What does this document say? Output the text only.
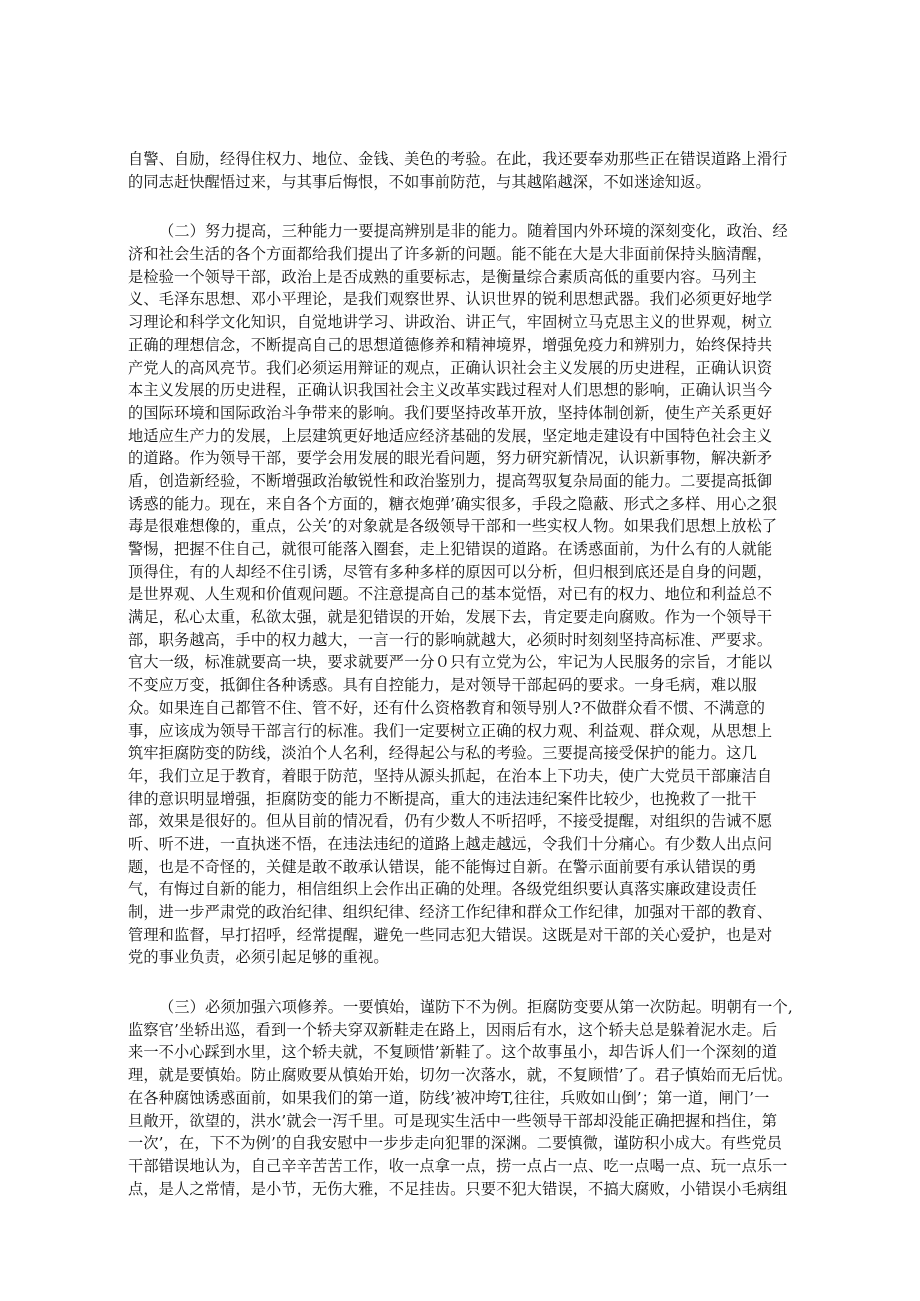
自警、自励，经得住权力、地位、金钱、美色的考验。在此，我还要奉劝那些正在错误道路上滑行
的同志赶快醒悟过来，与其事后悔恨，不如事前防范，与其越陷越深，不如迷途知返。
（二）努力提高，三种能力一要提高辨别是非的能力。随着国内外环境的深刻变化，政治、经
济和社会生活的各个方面都给我们提出了许多新的问题。能不能在大是大非面前保持头脑清醒，
是检验一个领导干部，政治上是否成熟的重要标志，是衡量综合素质高低的重要内容。马列主
义、毛泽东思想、邓小平理论，是我们观察世界、认识世界的锐利思想武器。我们必须更好地学
习理论和科学文化知识，自觉地讲学习、讲政治、讲正气，牢固树立马克思主义的世界观，树立
正确的理想信念，不断提高自己的思想道德修养和精神境界，增强免疫力和辨别力，始终保持共
产党人的高风亮节。我们必须运用辩证的观点，正确认识社会主义发展的历史进程，正确认识资
本主义发展的历史进程，正确认识我国社会主义改革实践过程对人们思想的影响，正确认识当今
的国际环境和国际政治斗争带来的影响。我们要坚持改革开放，坚持体制创新，使生产关系更好
地适应生产力的发展，上层建筑更好地适应经济基础的发展，坚定地走建设有中国特色社会主义
的道路。作为领导干部，要学会用发展的眼光看问题，努力研究新情况，认识新事物，解决新矛
盾，创造新经验，不断增强政治敏锐性和政治鉴别力，提高驾驭复杂局面的能力。二要提高抵御
诱惑的能力。现在，来自各个方面的，糖衣炮弹’确实很多，手段之隐蔽、形式之多样、用心之狠
毒是很难想像的，重点，公关’的对象就是各级领导干部和一些实权人物。如果我们思想上放松了
警惕，把握不住自己，就很可能落入圈套，走上犯错误的道路。在诱惑面前，为什么有的人就能
顶得住，有的人却经不住引诱，尽管有多种多样的原因可以分析，但归根到底还是自身的问题，
是世界观、人生观和价值观问题。不注意提高自己的基本觉悟，对已有的权力、地位和利益总不
满足，私心太重，私欲太强，就是犯错误的开始，发展下去，肯定要走向腐败。作为一个领导干
部，职务越高，手中的权力越大，一言一行的影响就越大，必须时时刻刻坚持高标准、严要求。
官大一级，标准就要高一块，要求就要严一分０只有立党为公，牢记为人民服务的宗旨，才能以
不变应万变，抵御住各种诱惑。具有自控能力，是对领导干部起码的要求。一身毛病，难以服
众。如果连自己都管不住、管不好，还有什么资格教育和领导别人?不做群众看不惯、不满意的
事，应该成为领导干部言行的标准。我们一定要树立正确的权力观、利益观、群众观，从思想上
筑牢拒腐防变的防线，淡泊个人名利，经得起公与私的考验。三要提高接受保护的能力。这几
年，我们立足于教育，着眼于防范，坚持从源头抓起，在治本上下功夫，使广大党员干部廉洁自
律的意识明显增强，拒腐防变的能力不断提高，重大的违法违纪案件比较少，也挽救了一批干
部，效果是很好的。但从目前的情况看，仍有少数人不听招呼，不接受提醒，对组织的告诫不愿
听、听不进，一直执迷不悟，在违法违纪的道路上越走越远，令我们十分痛心。有少数人出点问
题，也是不奇怪的，关健是敢不敢承认错误，能不能悔过自新。在警示面前要有承认错误的勇
气，有悔过自新的能力，相信组织上会作出正确的处理。各级党组织要认真落实廉政建设责任
制，进一步严肃党的政治纪律、组织纪律、经济工作纪律和群众工作纪律，加强对干部的教育、
管理和监督，早打招呼，经常提醒，避免一些同志犯大错误。这既是对干部的关心爱护，也是对
党的事业负责，必须引起足够的重视。
（三）必须加强六项修养。一要慎始，谨防下不为例。拒腐防变要从第一次防起。明朝有一个,
监察官’坐轿出巡，看到一个轿夫穿双新鞋走在路上，因雨后有水，这个轿夫总是躲着泥水走。后
来一不小心踩到水里，这个轿夫就，不复顾惜’新鞋了。这个故事虽小，却告诉人们一个深刻的道
理，就是要慎始。防止腐败要从慎始开始，切勿一次落水，就，不复顾惜’了。君子慎始而无后忧。
在各种腐蚀诱惑面前，如果我们的第一道，防线’被冲垮T,往往，兵败如山倒’；第一道，闸门’一
旦敞开，欲望的，洪水’就会一泻千里。可是现实生活中一些领导干部却没能正确把握和挡住，第
一次’，在，下不为例’的自我安慰中一步步走向犯罪的深渊。二要慎微，谨防积小成大。有些党员
干部错误地认为，自己辛辛苦苦工作，收一点拿一点，捞一点占一点、吃一点喝一点、玩一点乐一
点，是人之常情，是小节，无伤大雅，不足挂齿。只要不犯大错误，不搞大腐败，小错误小毛病组
